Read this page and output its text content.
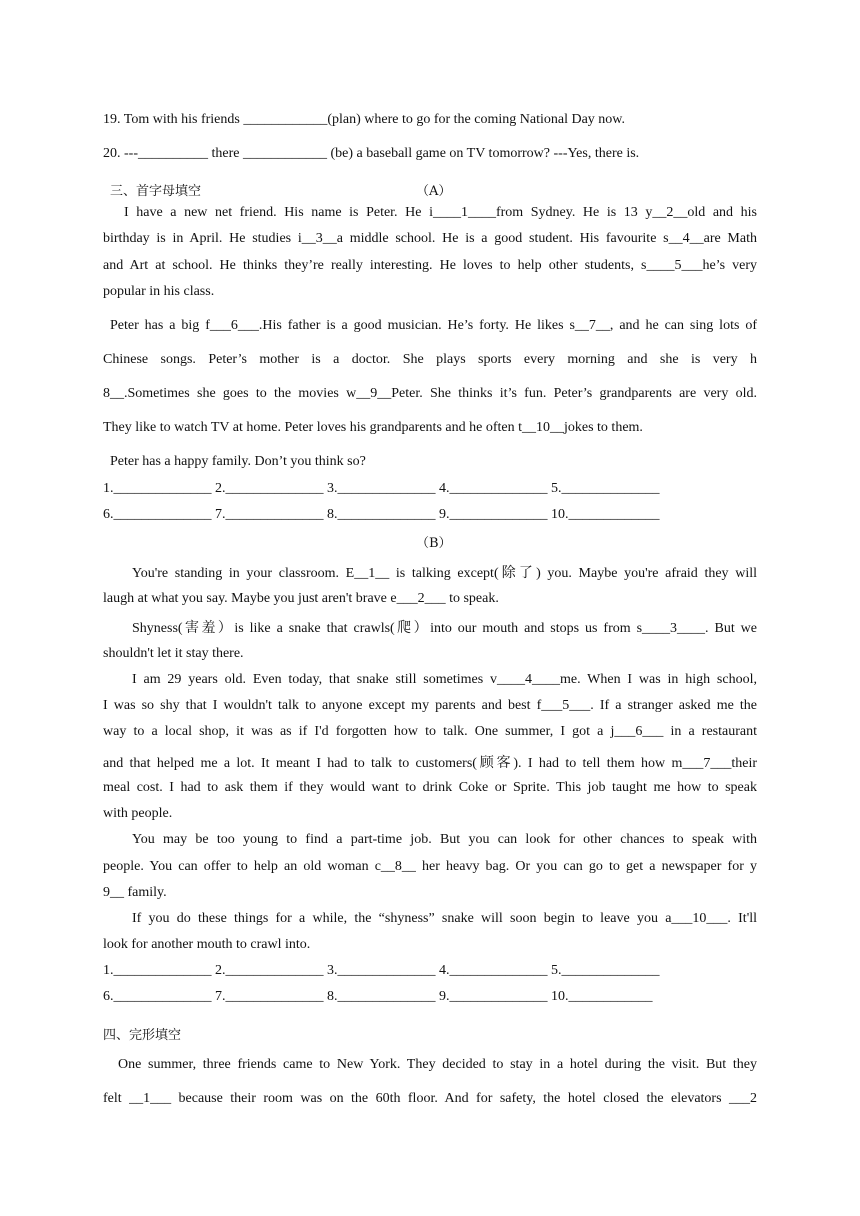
19. Tom with his friends ____________(plan) where to go for the coming National Day now.
20. ---__________ there ____________ (be) a baseball game on TV tomorrow? ---Yes, there is.
三、首字母填空	（A）
I have a new net friend. His name is Peter. He i____1____from Sydney. He is 13 y__2__old and his
birthday is in April. He studies i__3__a middle school. He is a good student. His favourite s__4__are Math
and Art at school. He thinks they’re really interesting. He loves to help other students, s____5___he’s very
popular in his class.
Peter has a big f___6___.His father is a good musician. He’s forty. He likes s__7__, and he can sing lots of
Chinese songs. Peter’s mother is a doctor. She plays sports every morning and she is very h
8__.Sometimes she goes to the movies w__9__Peter. She thinks it’s fun. Peter’s grandparents are very old.
They like to watch TV at home. Peter loves his grandparents and he often t__10__jokes to them.
Peter has a happy family. Don’t you think so?
1.______________ 2.______________ 3.______________ 4.______________ 5.______________
6.______________ 7.______________ 8.______________ 9.______________ 10._____________
（B）
You're standing in your classroom. E__1__ is talking except(除了) you. Maybe you're afraid they will
laugh at what you say. Maybe you just aren't brave e___2___ to speak.
Shyness(害羞）is like a snake that crawls(爬）into our mouth and stops us from s____3____. But we
shouldn't let it stay there.
I am 29 years old. Even today, that snake still sometimes v____4____me. When I was in high school,
I was so shy that I wouldn't talk to anyone except my parents and best f___5___. If a stranger asked me the
way to a local shop, it was as if I'd forgotten how to talk. One summer, I got a j___6___ in a restaurant
and that helped me a lot. It meant I had to talk to customers(顾客). I had to tell them how m___7___their
meal cost. I had to ask them if they would want to drink Coke or Sprite. This job taught me how to speak
with people.
You may be too young to find a part-time job. But you can look for other chances to speak with
people. You can offer to help an old woman c__8__ her heavy bag. Or you can go to get a newspaper for y
9__ family.
If you do these things for a while, the “shyness” snake will soon begin to leave you a___10___. It'll
look for another mouth to crawl into.
1.______________ 2.______________ 3.______________ 4.______________ 5.______________
6.______________ 7.______________ 8.______________ 9.______________ 10.____________
四、完形填空
One summer, three friends came to New York. They decided to stay in a hotel during the visit. But they
felt __1___ because their room was on the 60th floor. And for safety, the hotel closed the elevators ___2
